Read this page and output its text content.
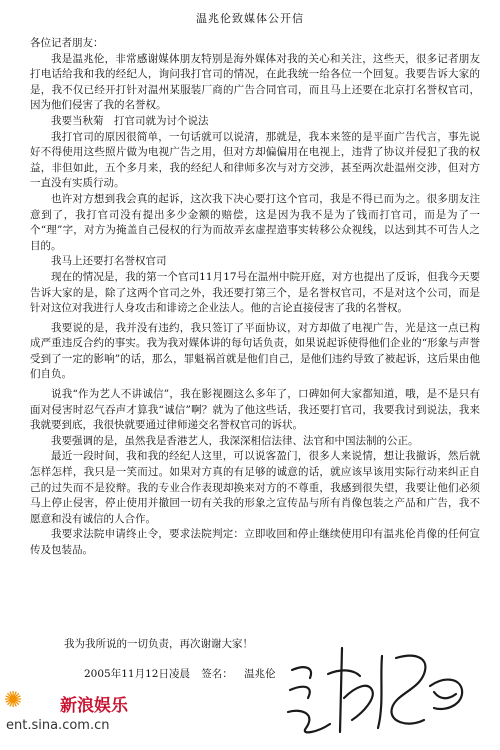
温兆伦致媒体公开信

各位记者朋友：

我是温兆伦，非常感谢媒体朋友特别是海外媒体对我的关心和关注，这些天，很多记者朋友打电话给我和我的经纪人，询问我打官司的情况，在此我统一给各位一个回复。我要告诉大家的是，我不仅已经开打针对温州某服装厂商的广告合同官司，而且马上还要在北京打名誉权官司，因为他们侵害了我的名誉权。

我要当秋菊　打官司就为讨个说法

我打官司的原因很简单，一句话就可以说清，那就是，我本来签的是平面广告代言，事先说好不得使用这些照片做为电视广告之用，但对方却偏偏用在电视上，违背了协议并侵犯了我的权益，非但如此，五个多月来，我的经纪人和律师多次与对方交涉，甚至两次赴温州交涉，但对方一直没有实质行动。

也许对方想到我会真的起诉，这次我下决心要打这个官司，我是不得已而为之。很多朋友注意到了，我打官司没有提出多少金额的赔偿，这是因为我不是为了钱而打官司，而是为了一个“理”字，对方为掩盖自己侵权的行为而故弄玄虚捏造事实转移公众视线，以达到其不可告人之目的。

我马上还要打名誉权官司

现在的情况是，我的第一个官司11月17号在温州中院开庭，对方也提出了反诉，但我今天要告诉大家的是，除了这两个官司之外，我还要打第三个，是名誉权官司，不是对这个公司，而是针对这位对我进行人身攻击和诽谤之企业法人。他的言论直接侵害了我的名誉权。

我要说的是，我并没有违约，我只签订了平面协议，对方却做了电视广告，光是这一点已构成严重违反合约的事实。我为我对媒体讲的每句话负责，如果说起诉使得他们企业的“形象与声誉受到了一定的影响”的话，那么，罪魁祸首就是他们自己，是他们违约导致了被起诉，这后果由他们自负。

说我“作为艺人不讲诚信”，我在影视圈这么多年了，口碑如何大家都知道，哦，是不是只有面对侵害时忍气吞声才算我“诚信”啊？就为了他这些话，我还要打官司，我要我讨到说法，我来我就要到底，我很快就要通过律师递交名誉权官司的诉状。

我要强调的是，虽然我是香港艺人，我深深相信法律、法官和中国法制的公正。

最近一段时间，我和我的经纪人这里，可以说客盈门，很多人来说情，想让我撤诉，然后就怎样怎样，我只是一笑而过。如果对方真的有足够的诚意的话，就应该早该用实际行动来纠正自己的过失而不是狡辩。我的专业合作表现却换来对方的不尊重，我感到很失望，我要让他们必须马上停止侵害，停止使用并撤回一切有关我的形象之宣传品与所有肖像包装之产品和广告，我不愿意和没有诚信的人合作。

我要求法院申请终止令，要求法院判定：立即收回和停止继续使用印有温兆伦肖像的任何宣传及包装品。

我为我所说的一切负责，再次谢谢大家！
2005年11月12日凌晨 签名： 温兆伦
✺ 新浪娱乐
ent.sina.com.cn
